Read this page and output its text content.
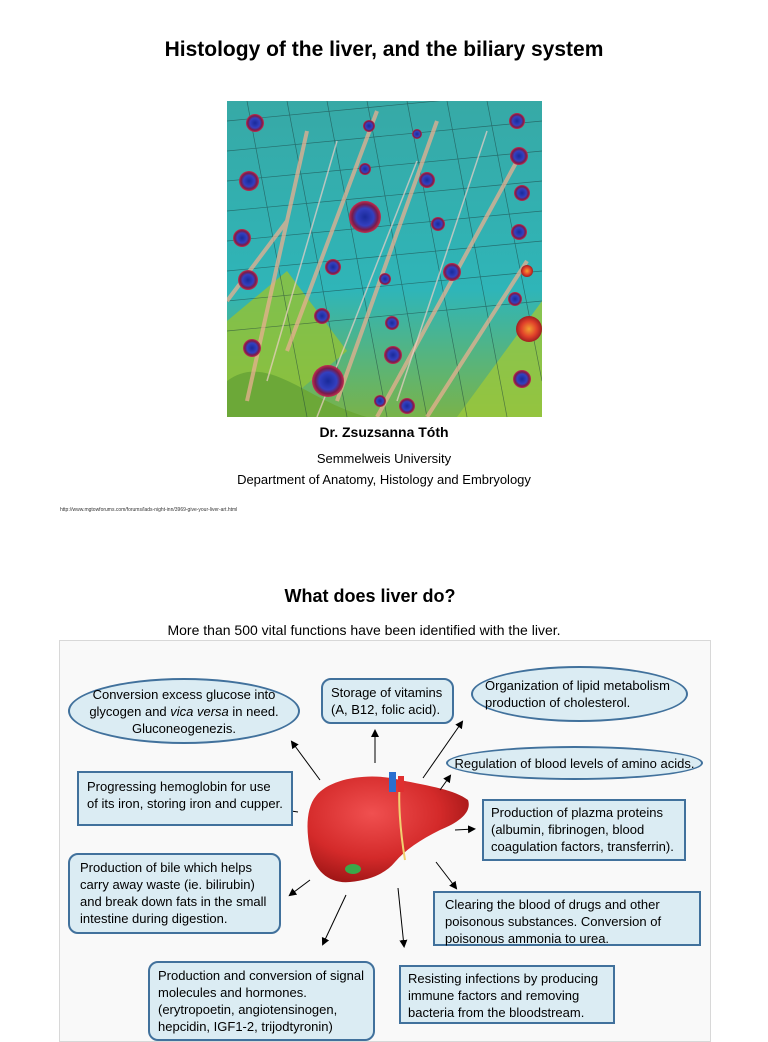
Histology of the liver, and the biliary system
Dr. Zsuzsanna Tóth
Semmelweis University
Department of Anatomy, Histology and Embryology
http://www.mgtowforums.com/forums/lads-night-inn/3969-give-your-liver-art.html
What does liver do?
More than 500 vital functions have been identified with the liver.
Conversion excess glucose into glycogen and vica versa in need. Gluconeogenezis.
Storage of vitamins (A, B12, folic acid).
Organization of lipid metabolism production of cholesterol.
Regulation of blood levels of amino acids.
Progressing hemoglobin for use of its iron, storing iron and cupper.
Production of plazma proteins (albumin, fibrinogen, blood coagulation factors, transferrin).
Production of bile which helps carry away waste (ie. bilirubin) and break down fats in the small intestine during digestion.
Clearing the blood of drugs and other poisonous substances. Conversion of poisonous ammonia to urea.
Production and conversion of signal molecules and hormones. (erytropoetin, angiotensinogen, hepcidin, IGF1-2, trijodtyronin)
Resisting infections by producing immune factors and removing bacteria from the bloodstream.
